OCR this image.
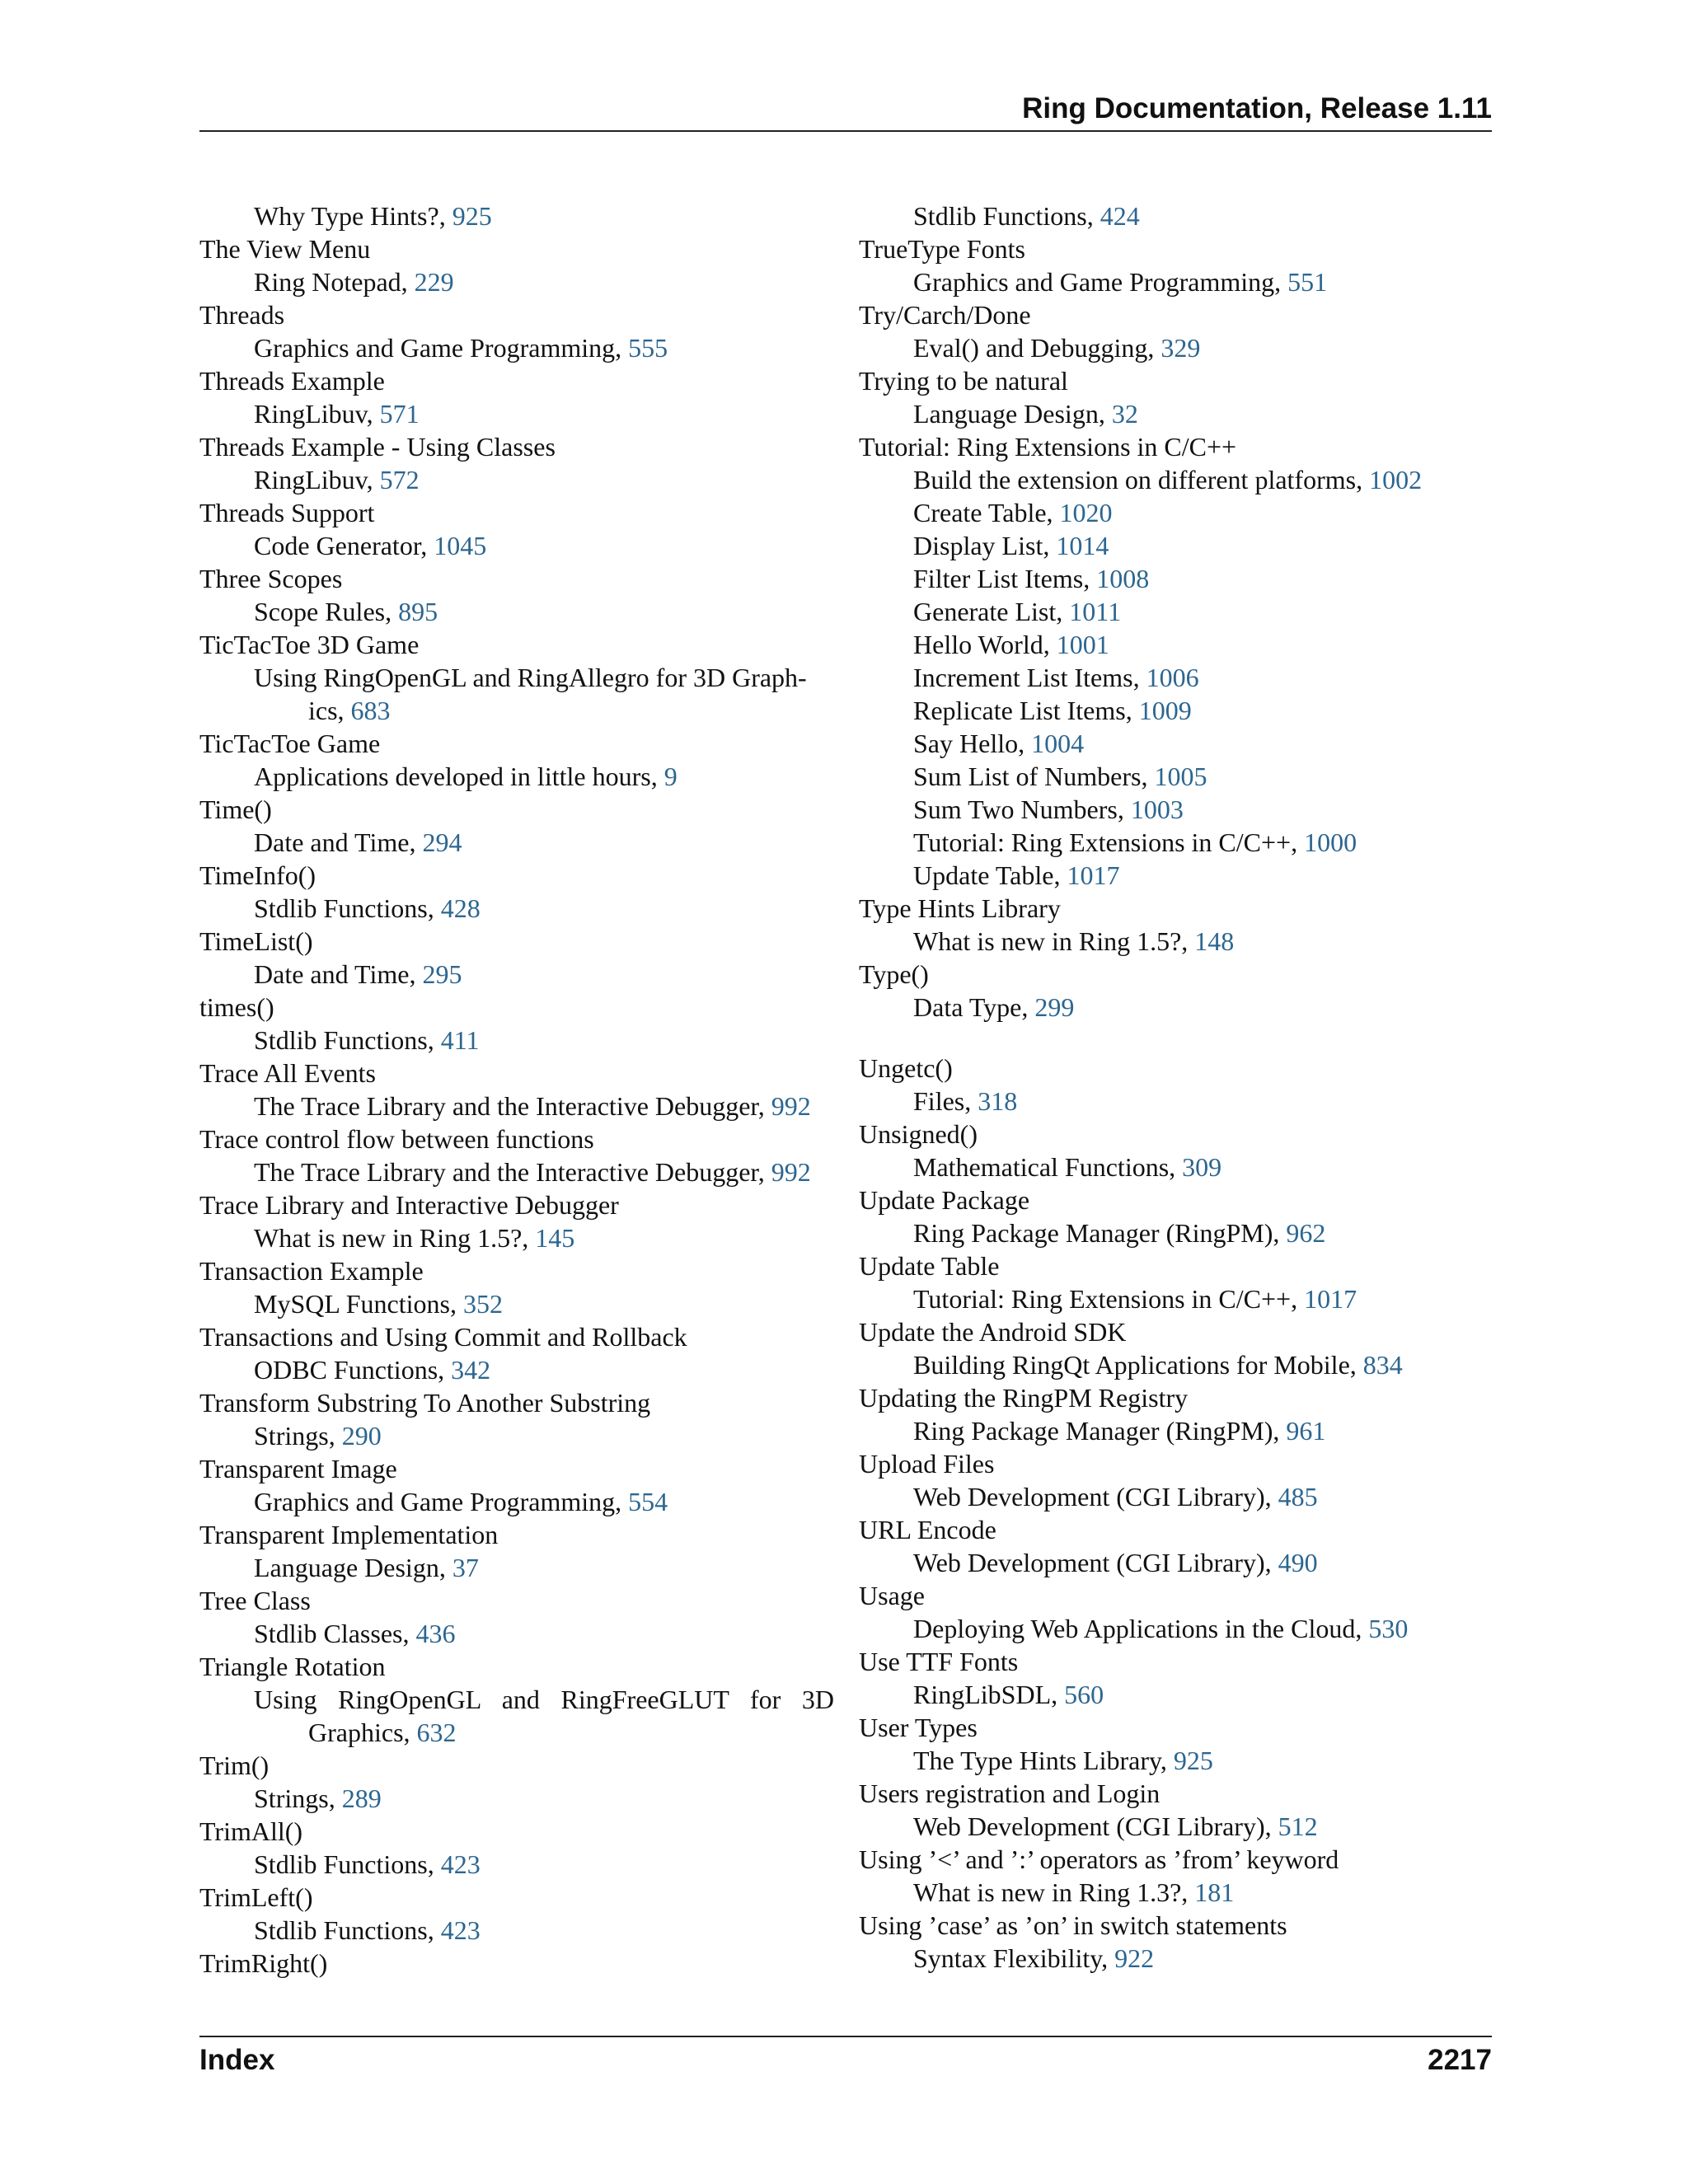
Ring Documentation, Release 1.11
Why Type Hints?, 925
The View Menu
Ring Notepad, 229
Threads
Graphics and Game Programming, 555
Threads Example
RingLibuv, 571
Threads Example - Using Classes
RingLibuv, 572
Threads Support
Code Generator, 1045
Three Scopes
Scope Rules, 895
TicTacToe 3D Game
Using RingOpenGL and RingAllegro for 3D Graph-
ics, 683
TicTacToe Game
Applications developed in little hours, 9
Time()
Date and Time, 294
TimeInfo()
Stdlib Functions, 428
TimeList()
Date and Time, 295
times()
Stdlib Functions, 411
Trace All Events
The Trace Library and the Interactive Debugger, 992
Trace control flow between functions
The Trace Library and the Interactive Debugger, 992
Trace Library and Interactive Debugger
What is new in Ring 1.5?, 145
Transaction Example
MySQL Functions, 352
Transactions and Using Commit and Rollback
ODBC Functions, 342
Transform Substring To Another Substring
Strings, 290
Transparent Image
Graphics and Game Programming, 554
Transparent Implementation
Language Design, 37
Tree Class
Stdlib Classes, 436
Triangle Rotation
Using RingOpenGL and RingFreeGLUT for 3D
Graphics, 632
Trim()
Strings, 289
TrimAll()
Stdlib Functions, 423
TrimLeft()
Stdlib Functions, 423
TrimRight()
Stdlib Functions, 424
TrueType Fonts
Graphics and Game Programming, 551
Try/Carch/Done
Eval() and Debugging, 329
Trying to be natural
Language Design, 32
Tutorial: Ring Extensions in C/C++
Build the extension on different platforms, 1002
Create Table, 1020
Display List, 1014
Filter List Items, 1008
Generate List, 1011
Hello World, 1001
Increment List Items, 1006
Replicate List Items, 1009
Say Hello, 1004
Sum List of Numbers, 1005
Sum Two Numbers, 1003
Tutorial: Ring Extensions in C/C++, 1000
Update Table, 1017
Type Hints Library
What is new in Ring 1.5?, 148
Type()
Data Type, 299
Ungetc()
Files, 318
Unsigned()
Mathematical Functions, 309
Update Package
Ring Package Manager (RingPM), 962
Update Table
Tutorial: Ring Extensions in C/C++, 1017
Update the Android SDK
Building RingQt Applications for Mobile, 834
Updating the RingPM Registry
Ring Package Manager (RingPM), 961
Upload Files
Web Development (CGI Library), 485
URL Encode
Web Development (CGI Library), 490
Usage
Deploying Web Applications in the Cloud, 530
Use TTF Fonts
RingLibSDL, 560
User Types
The Type Hints Library, 925
Users registration and Login
Web Development (CGI Library), 512
Using ’<’ and ’:’ operators as ’from’ keyword
What is new in Ring 1.3?, 181
Using ’case’ as ’on’ in switch statements
Syntax Flexibility, 922
Index	2217
